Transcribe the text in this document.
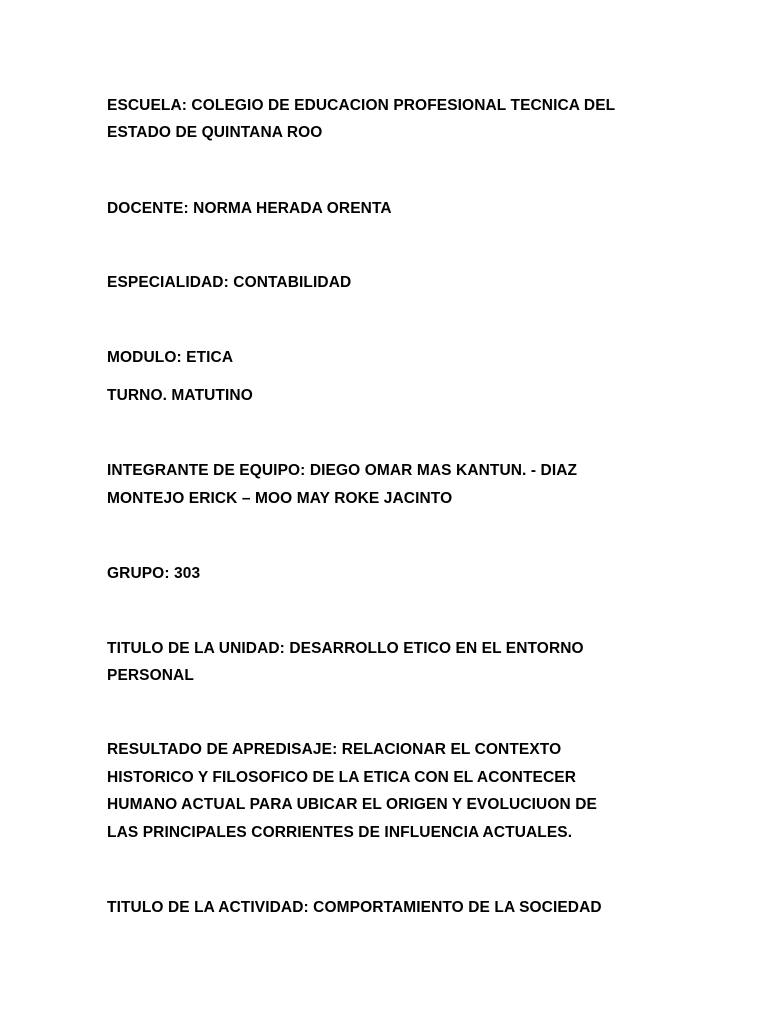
ESCUELA: COLEGIO DE EDUCACION PROFESIONAL TECNICA DEL
ESTADO DE QUINTANA ROO
DOCENTE: NORMA HERADA ORENTA
ESPECIALIDAD: CONTABILIDAD
MODULO: ETICA
TURNO. MATUTINO
INTEGRANTE DE EQUIPO: DIEGO OMAR MAS KANTUN. - DIAZ
MONTEJO ERICK – MOO MAY ROKE JACINTO
GRUPO: 303
TITULO DE LA UNIDAD: DESARROLLO ETICO EN EL ENTORNO
PERSONAL
RESULTADO DE APREDISAJE: RELACIONAR EL CONTEXTO
HISTORICO Y FILOSOFICO DE LA ETICA CON EL ACONTECER
HUMANO ACTUAL PARA UBICAR EL ORIGEN Y EVOLUCIUON DE
LAS PRINCIPALES CORRIENTES DE INFLUENCIA ACTUALES.
TITULO DE LA ACTIVIDAD: COMPORTAMIENTO DE LA SOCIEDAD
